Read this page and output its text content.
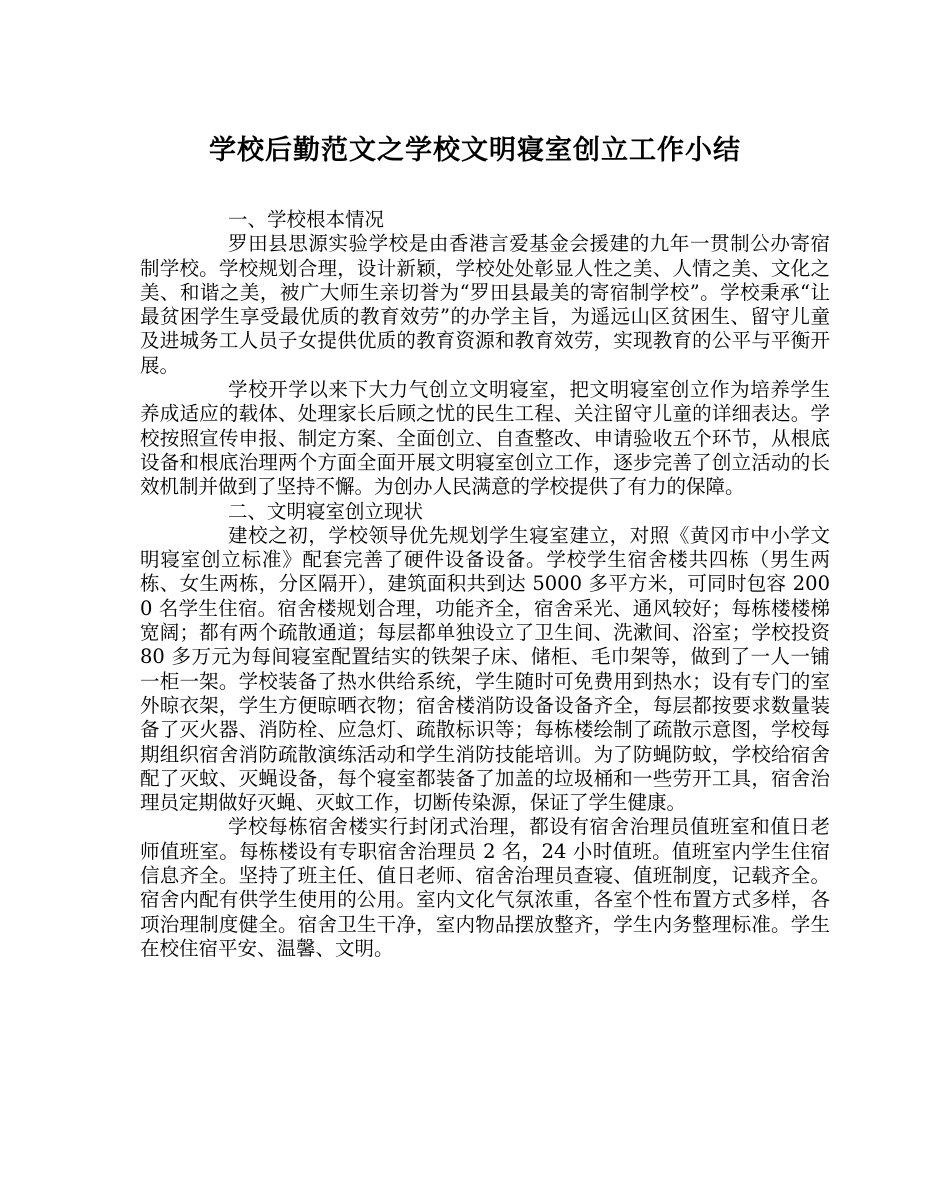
学校后勤范文之学校文明寝室创立工作小结

一、学校根本情况

罗田县思源实验学校是由香港言爱基金会援建的九年一贯制公办寄宿制学校。学校规划合理，设计新颖，学校处处彰显人性之美、人情之美、文化之美、和谐之美，被广大师生亲切誉为“罗田县最美的寄宿制学校”。学校秉承“让最贫困学生享受最优质的教育效劳”的办学主旨，为遥远山区贫困生、留守儿童及进城务工人员子女提供优质的教育资源和教育效劳，实现教育的公平与平衡开展。

学校开学以来下大力气创立文明寝室，把文明寝室创立作为培养学生养成适应的载体、处理家长后顾之忧的民生工程、关注留守儿童的详细表达。学校按照宣传申报、制定方案、全面创立、自查整改、申请验收五个环节，从根底设备和根底治理两个方面全面开展文明寝室创立工作，逐步完善了创立活动的长效机制并做到了坚持不懈。为创办人民满意的学校提供了有力的保障。

二、文明寝室创立现状

建校之初，学校领导优先规划学生寝室建立，对照《黄冈市中小学文明寝室创立标准》配套完善了硬件设备设备。学校学生宿舍楼共四栋（男生两栋、女生两栋，分区隔开），建筑面积共到达 5000 多平方米，可同时包容 2000 名学生住宿。宿舍楼规划合理，功能齐全，宿舍采光、通风较好；每栋楼楼梯宽阔；都有两个疏散通道；每层都单独设立了卫生间、洗漱间、浴室；学校投资 80 多万元为每间寝室配置结实的铁架子床、储柜、毛巾架等，做到了一人一铺一柜一架。学校装备了热水供给系统，学生随时可免费用到热水；设有专门的室外晾衣架，学生方便晾晒衣物；宿舍楼消防设备设备齐全，每层都按要求数量装备了灭火器、消防栓、应急灯、疏散标识等；每栋楼绘制了疏散示意图，学校每期组织宿舍消防疏散演练活动和学生消防技能培训。为了防蝇防蚊，学校给宿舍配了灭蚊、灭蝇设备，每个寝室都装备了加盖的垃圾桶和一些劳开工具，宿舍治理员定期做好灭蝇、灭蚊工作，切断传染源，保证了学生健康。

学校每栋宿舍楼实行封闭式治理，都设有宿舍治理员值班室和值日老师值班室。每栋楼设有专职宿舍治理员 2 名，24 小时值班。值班室内学生住宿信息齐全。坚持了班主任、值日老师、宿舍治理员查寝、值班制度，记载齐全。宿舍内配有供学生使用的公用。室内文化气氛浓重，各室个性布置方式多样，各项治理制度健全。宿舍卫生干净，室内物品摆放整齐，学生内务整理标准。学生在校住宿平安、温馨、文明。
